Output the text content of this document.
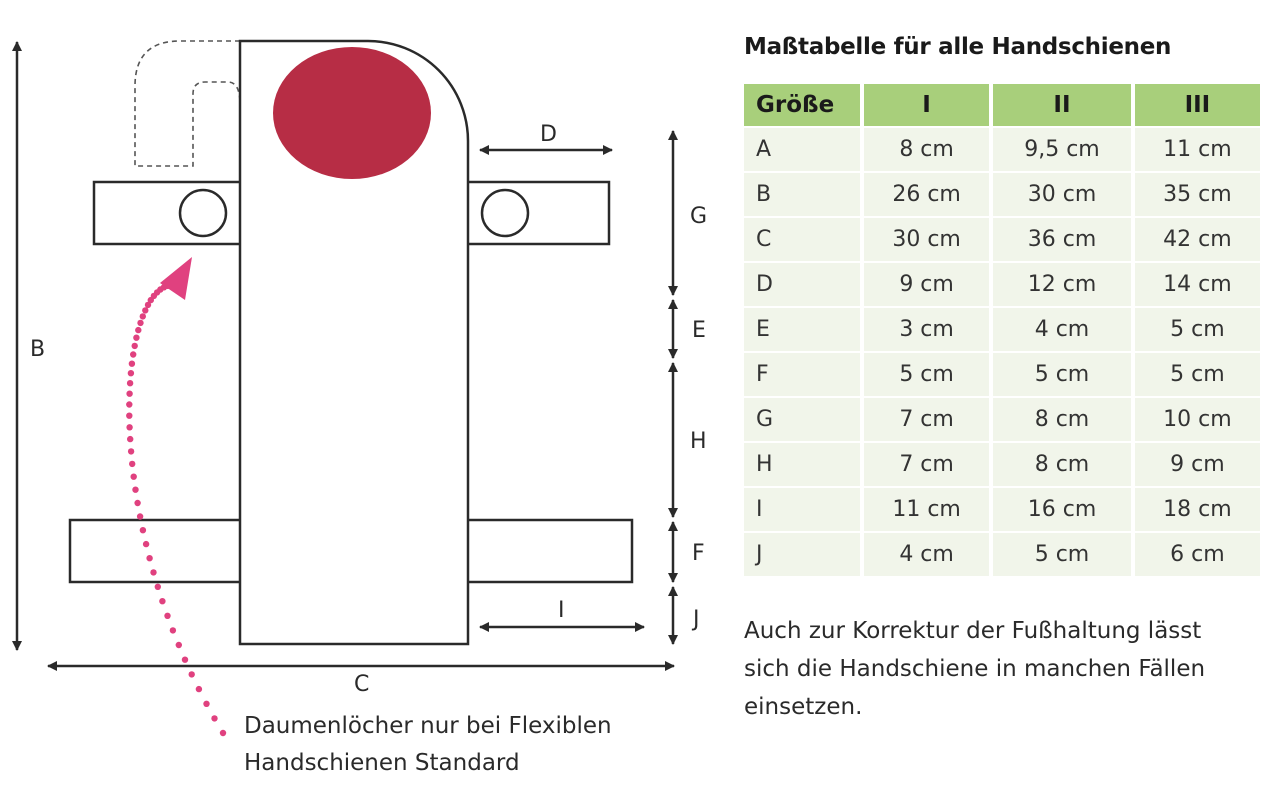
B
C
D
I
G
E
H
F
J
Daumenlöcher nur bei Flexiblen
Handschienen Standard
Maßtabelle für alle Handschienen
Größe	I	II	III
A	8 cm	9,5 cm	11 cm
B	26 cm	30 cm	35 cm
C	30 cm	36 cm	42 cm
D	9 cm	12 cm	14 cm
E	3 cm	4 cm	5 cm
F	5 cm	5 cm	5 cm
G	7 cm	8 cm	10 cm
H	7 cm	8 cm	9 cm
I	11 cm	16 cm	18 cm
J	4 cm	5 cm	6 cm
Auch zur Korrektur der Fußhaltung lässt sich die Handschiene in manchen Fällen einsetzen.
